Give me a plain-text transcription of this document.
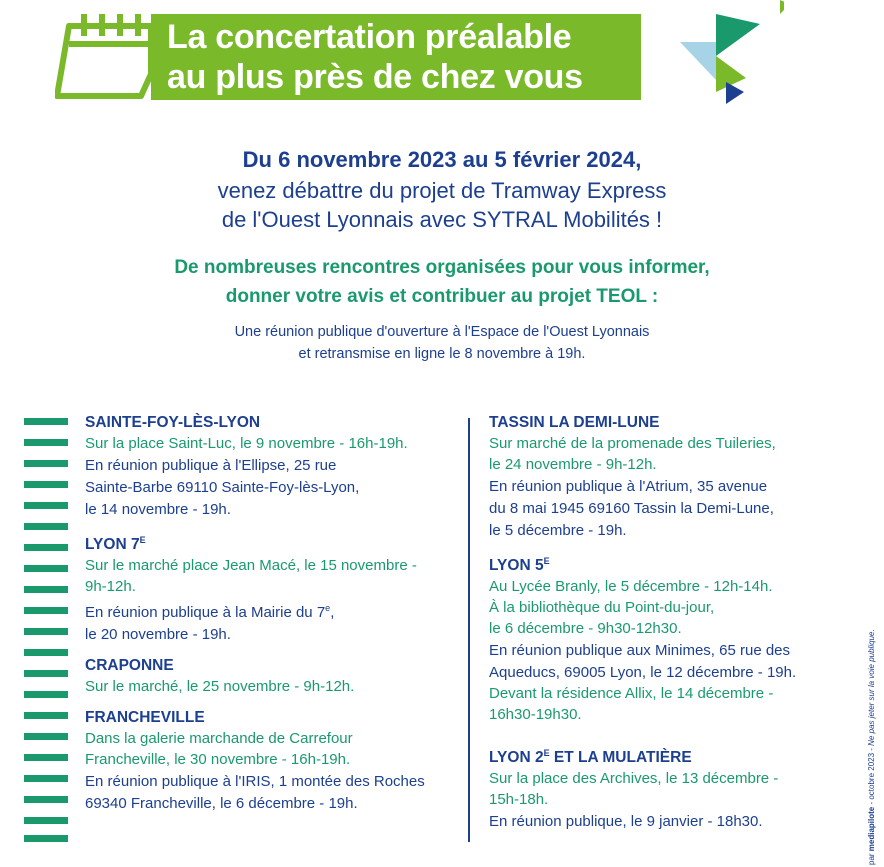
La concertation préalable
au plus près de chez vous
Du 6 novembre 2023 au 5 février 2024,
venez débattre du projet de Tramway Express
de l'Ouest Lyonnais avec SYTRAL Mobilités !
De nombreuses rencontres organisées pour vous informer,
donner votre avis et contribuer au projet TEOL :
Une réunion publique d'ouverture à l'Espace de l'Ouest Lyonnais
et retransmise en ligne le 8 novembre à 19h.
SAINTE-FOY-LÈS-LYON
Sur la place Saint-Luc, le 9 novembre - 16h-19h.
En réunion publique à l'Ellipse, 25 rue
Sainte-Barbe 69110 Sainte-Foy-lès-Lyon,
le 14 novembre - 19h.
LYON $7^E$
Sur le marché place Jean Macé, le 15 novembre -
9h-12h.
En réunion publique à la Mairie du 7e,
le 20 novembre - 19h.
CRAPONNE
Sur le marché, le 25 novembre - 9h-12h.
FRANCHEVILLE
Dans la galerie marchande de Carrefour
Francheville, le 30 novembre - 16h-19h.
En réunion publique à l'IRIS, 1 montée des Roches
69340 Francheville, le 6 décembre - 19h.
TASSIN LA DEMI-LUNE
Sur marché de la promenade des Tuileries,
le 24 novembre - 9h-12h.
En réunion publique à l'Atrium, 35 avenue
du 8 mai 1945 69160 Tassin la Demi-Lune,
le 5 décembre - 19h.
LYON $5^E$
Au Lycée Branly, le 5 décembre - 12h-14h.
À la bibliothèque du Point-du-jour,
le 6 décembre - 9h30-12h30.
En réunion publique aux Minimes, 65 rue des
Aqueducs, 69005 Lyon, le 12 décembre - 19h.
Devant la résidence Allix, le 14 décembre -
16h30-19h30.
LYON $2^E$ ET LA MULATIÈRE
Sur la place des Archives, le 13 décembre -
15h-18h.
En réunion publique, le 9 janvier - 18h30.
par mediapilote - octobre 2023 - Ne pas jeter sur la voie publique.
